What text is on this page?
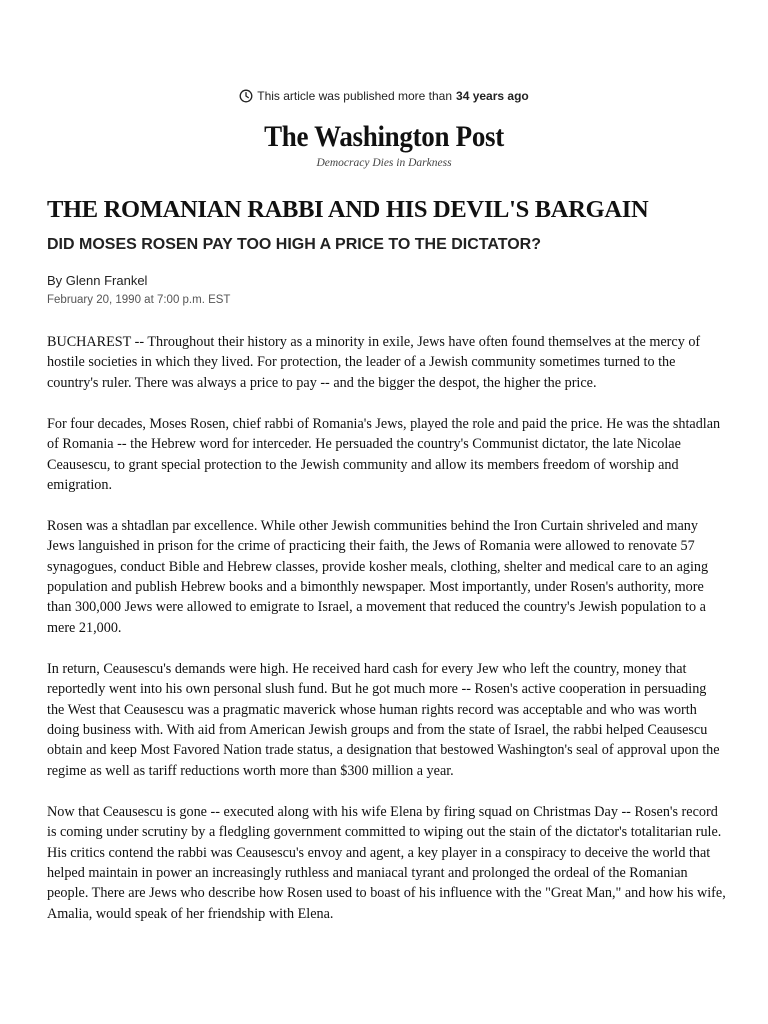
This article was published more than 34 years ago
The Washington Post
Democracy Dies in Darkness
THE ROMANIAN RABBI AND HIS DEVIL'S BARGAIN
DID MOSES ROSEN PAY TOO HIGH A PRICE TO THE DICTATOR?
By Glenn Frankel
February 20, 1990 at 7:00 p.m. EST

BUCHAREST -- Throughout their history as a minority in exile, Jews have often found themselves at the mercy of hostile societies in which they lived. For protection, the leader of a Jewish community sometimes turned to the country's ruler. There was always a price to pay -- and the bigger the despot, the higher the price.

For four decades, Moses Rosen, chief rabbi of Romania's Jews, played the role and paid the price. He was the shtadlan of Romania -- the Hebrew word for interceder. He persuaded the country's Communist dictator, the late Nicolae Ceausescu, to grant special protection to the Jewish community and allow its members freedom of worship and emigration.

Rosen was a shtadlan par excellence. While other Jewish communities behind the Iron Curtain shriveled and many Jews languished in prison for the crime of practicing their faith, the Jews of Romania were allowed to renovate 57 synagogues, conduct Bible and Hebrew classes, provide kosher meals, clothing, shelter and medical care to an aging population and publish Hebrew books and a bimonthly newspaper. Most importantly, under Rosen's authority, more than 300,000 Jews were allowed to emigrate to Israel, a movement that reduced the country's Jewish population to a mere 21,000.

In return, Ceausescu's demands were high. He received hard cash for every Jew who left the country, money that reportedly went into his own personal slush fund. But he got much more -- Rosen's active cooperation in persuading the West that Ceausescu was a pragmatic maverick whose human rights record was acceptable and who was worth doing business with. With aid from American Jewish groups and from the state of Israel, the rabbi helped Ceausescu obtain and keep Most Favored Nation trade status, a designation that bestowed Washington's seal of approval upon the regime as well as tariff reductions worth more than $300 million a year.

Now that Ceausescu is gone -- executed along with his wife Elena by firing squad on Christmas Day -- Rosen's record is coming under scrutiny by a fledgling government committed to wiping out the stain of the dictator's totalitarian rule. His critics contend the rabbi was Ceausescu's envoy and agent, a key player in a conspiracy to deceive the world that helped maintain in power an increasingly ruthless and maniacal tyrant and prolonged the ordeal of the Romanian people. There are Jews who describe how Rosen used to boast of his influence with the "Great Man," and how his wife, Amalia, would speak of her friendship with Elena.
